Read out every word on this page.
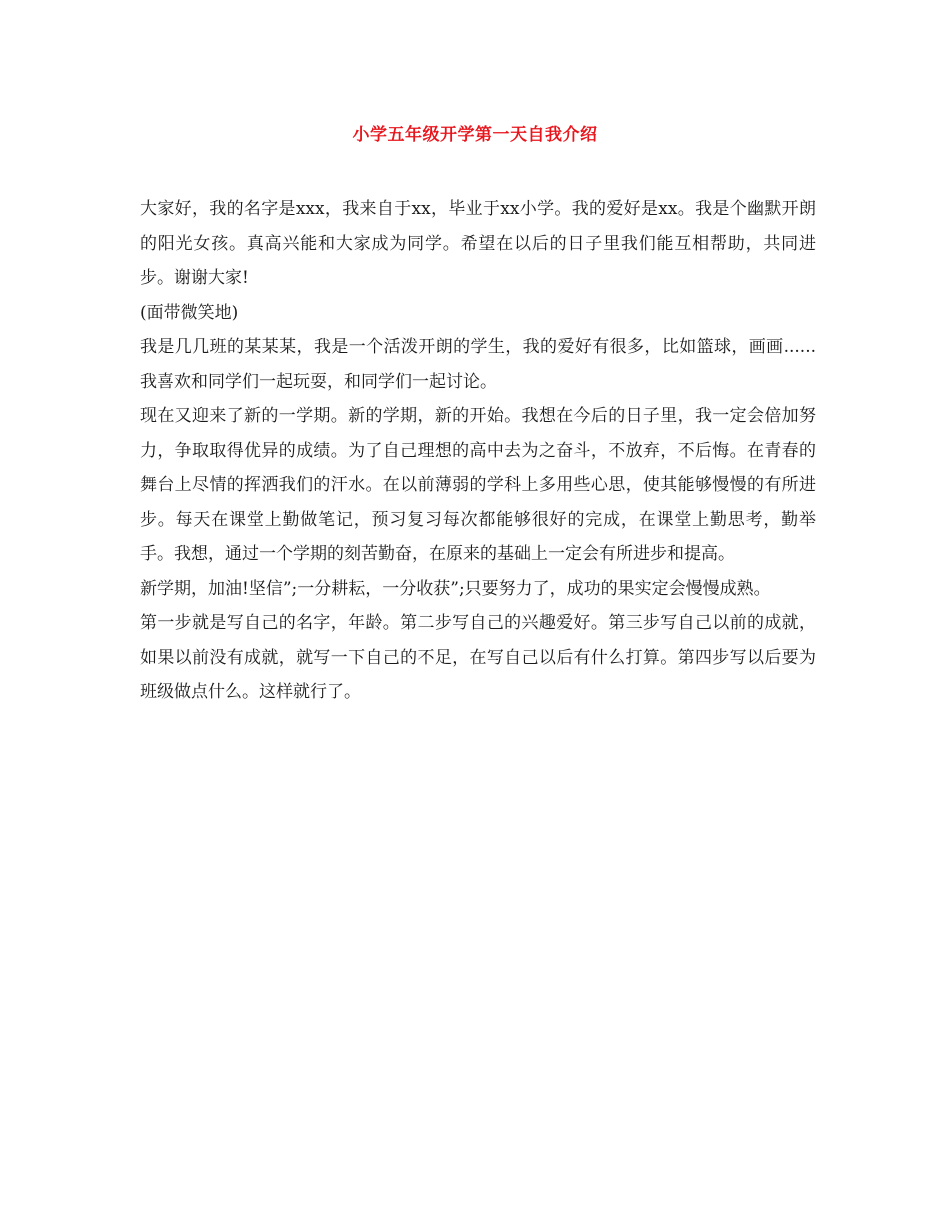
小学五年级开学第一天自我介绍

大家好，我的名字是xxx，我来自于xx，毕业于xx小学。我的爱好是xx。我是个幽默开朗的阳光女孩。真高兴能和大家成为同学。希望在以后的日子里我们能互相帮助，共同进步。谢谢大家!

(面带微笑地)

我是几几班的某某某，我是一个活泼开朗的学生，我的爱好有很多，比如篮球，画画......我喜欢和同学们一起玩耍，和同学们一起讨论。

现在又迎来了新的一学期。新的学期，新的开始。我想在今后的日子里，我一定会倍加努力，争取取得优异的成绩。为了自己理想的高中去为之奋斗，不放弃，不后悔。在青春的舞台上尽情的挥洒我们的汗水。在以前薄弱的学科上多用些心思，使其能够慢慢的有所进步。每天在课堂上勤做笔记，预习复习每次都能够很好的完成，在课堂上勤思考，勤举手。我想，通过一个学期的刻苦勤奋，在原来的基础上一定会有所进步和提高。

新学期，加油!坚信”;一分耕耘，一分收获”;只要努力了，成功的果实定会慢慢成熟。

第一步就是写自己的名字，年龄。第二步写自己的兴趣爱好。第三步写自己以前的成就，如果以前没有成就，就写一下自己的不足，在写自己以后有什么打算。第四步写以后要为班级做点什么。这样就行了。
